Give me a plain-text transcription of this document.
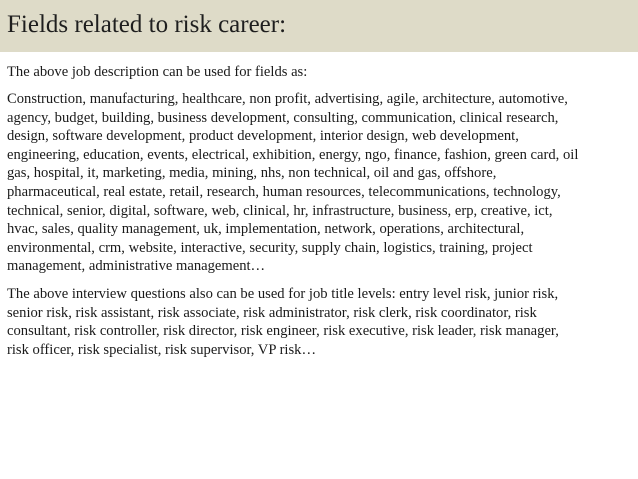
Fields related to risk career:

The above job description can be used for fields as:

Construction, manufacturing, healthcare, non profit, advertising, agile, architecture, automotive,
agency, budget, building, business development, consulting, communication, clinical research,
design, software development, product development, interior design, web development,
engineering, education, events, electrical, exhibition, energy, ngo, finance, fashion, green card, oil
gas, hospital, it, marketing, media, mining, nhs, non technical, oil and gas, offshore,
pharmaceutical, real estate, retail, research, human resources, telecommunications, technology,
technical, senior, digital, software, web, clinical, hr, infrastructure, business, erp, creative, ict,
hvac, sales, quality management, uk, implementation, network, operations, architectural,
environmental, crm, website, interactive, security, supply chain, logistics, training, project
management, administrative management…

The above interview questions also can be used for job title levels: entry level risk, junior risk,
senior risk, risk assistant, risk associate, risk administrator, risk clerk, risk coordinator, risk
consultant, risk controller, risk director, risk engineer, risk executive, risk leader, risk manager,
risk officer, risk specialist, risk supervisor, VP risk…
